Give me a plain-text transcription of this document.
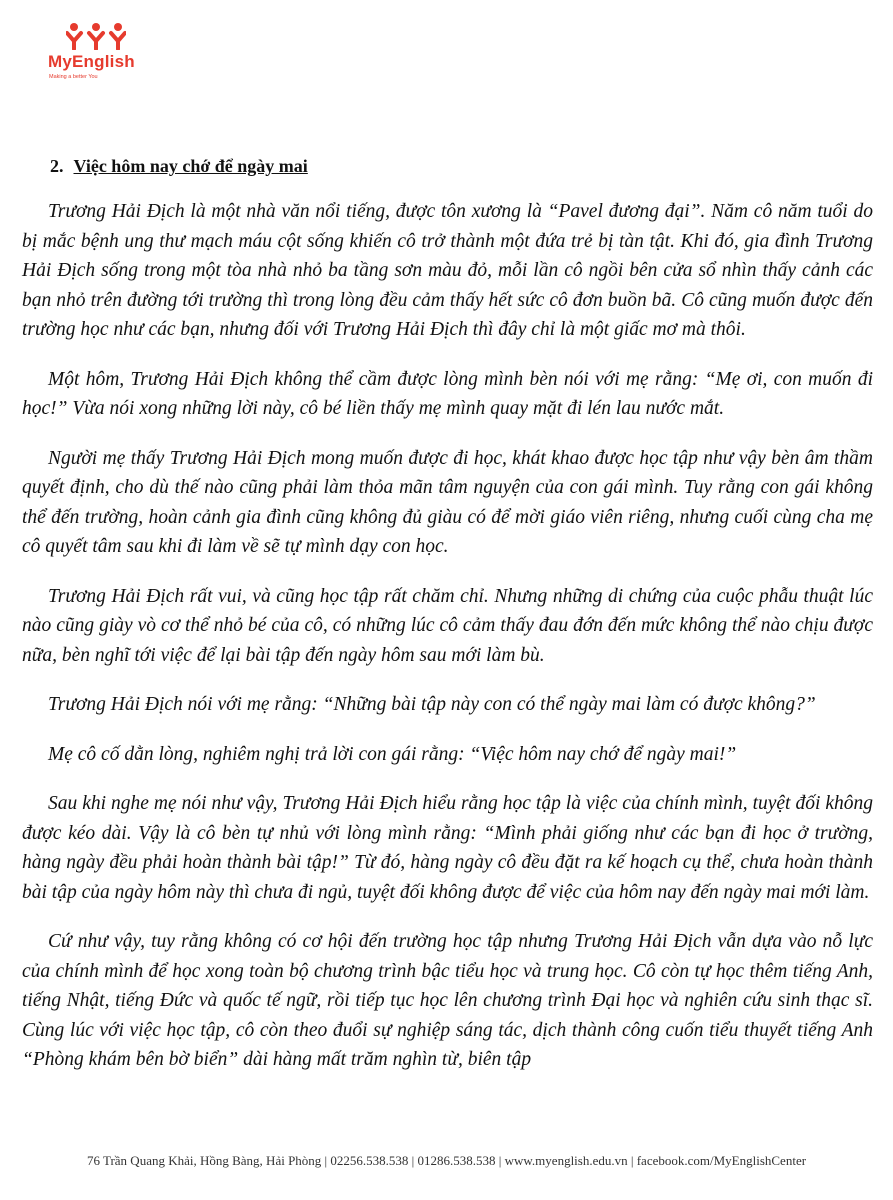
MyEnglish
Making a better You
2. Việc hôm nay chớ để ngày mai

Trương Hải Địch là một nhà văn nổi tiếng, được tôn xương là “Pavel đương đại”. Năm cô năm tuổi do bị mắc bệnh ung thư mạch máu cột sống khiến cô trở thành một đứa trẻ bị tàn tật. Khi đó, gia đình Trương Hải Địch sống trong một tòa nhà nhỏ ba tầng sơn màu đỏ, mỗi lần cô ngồi bên cửa sổ nhìn thấy cảnh các bạn nhỏ trên đường tới trường thì trong lòng đều cảm thấy hết sức cô đơn buồn bã. Cô cũng muốn được đến trường học như các bạn, nhưng đối với Trương Hải Địch thì đây chỉ là một giấc mơ mà thôi.

Một hôm, Trương Hải Địch không thể cầm được lòng mình bèn nói với mẹ rằng: “Mẹ ơi, con muốn đi học!” Vừa nói xong những lời này, cô bé liền thấy mẹ mình quay mặt đi lén lau nước mắt.

Người mẹ thấy Trương Hải Địch mong muốn được đi học, khát khao được học tập như vậy bèn âm thầm quyết định, cho dù thế nào cũng phải làm thỏa mãn tâm nguyện của con gái mình. Tuy rằng con gái không thể đến trường, hoàn cảnh gia đình cũng không đủ giàu có để mời giáo viên riêng, nhưng cuối cùng cha mẹ cô quyết tâm sau khi đi làm về sẽ tự mình dạy con học.

Trương Hải Địch rất vui, và cũng học tập rất chăm chỉ. Nhưng những di chứng của cuộc phẫu thuật lúc nào cũng giày vò cơ thể nhỏ bé của cô, có những lúc cô cảm thấy đau đớn đến mức không thể nào chịu được nữa, bèn nghĩ tới việc để lại bài tập đến ngày hôm sau mới làm bù.

Trương Hải Địch nói với mẹ rằng: “Những bài tập này con có thể ngày mai làm có được không?”

Mẹ cô cố dằn lòng, nghiêm nghị trả lời con gái rằng: “Việc hôm nay chớ để ngày mai!”

Sau khi nghe mẹ nói như vậy, Trương Hải Địch hiểu rằng học tập là việc của chính mình, tuyệt đối không được kéo dài. Vậy là cô bèn tự nhủ với lòng mình rằng: “Mình phải giống như các bạn đi học ở trường, hàng ngày đều phải hoàn thành bài tập!” Từ đó, hàng ngày cô đều đặt ra kế hoạch cụ thể, chưa hoàn thành bài tập của ngày hôm này thì chưa đi ngủ, tuyệt đối không được để việc của hôm nay đến ngày mai mới làm.

Cứ như vậy, tuy rằng không có cơ hội đến trường học tập nhưng Trương Hải Địch vẫn dựa vào nỗ lực của chính mình để học xong toàn bộ chương trình bậc tiểu học và trung học. Cô còn tự học thêm tiếng Anh, tiếng Nhật, tiếng Đức và quốc tế ngữ, rồi tiếp tục học lên chương trình Đại học và nghiên cứu sinh thạc sĩ. Cùng lúc với việc học tập, cô còn theo đuổi sự nghiệp sáng tác, dịch thành công cuốn tiểu thuyết tiếng Anh “Phòng khám bên bờ biển” dài hàng mất trăm nghìn từ, biên tập

76 Trần Quang Khải, Hồng Bàng, Hải Phòng | 02256.538.538 | 01286.538.538 | www.myenglish.edu.vn | facebook.com/MyEnglishCenter
